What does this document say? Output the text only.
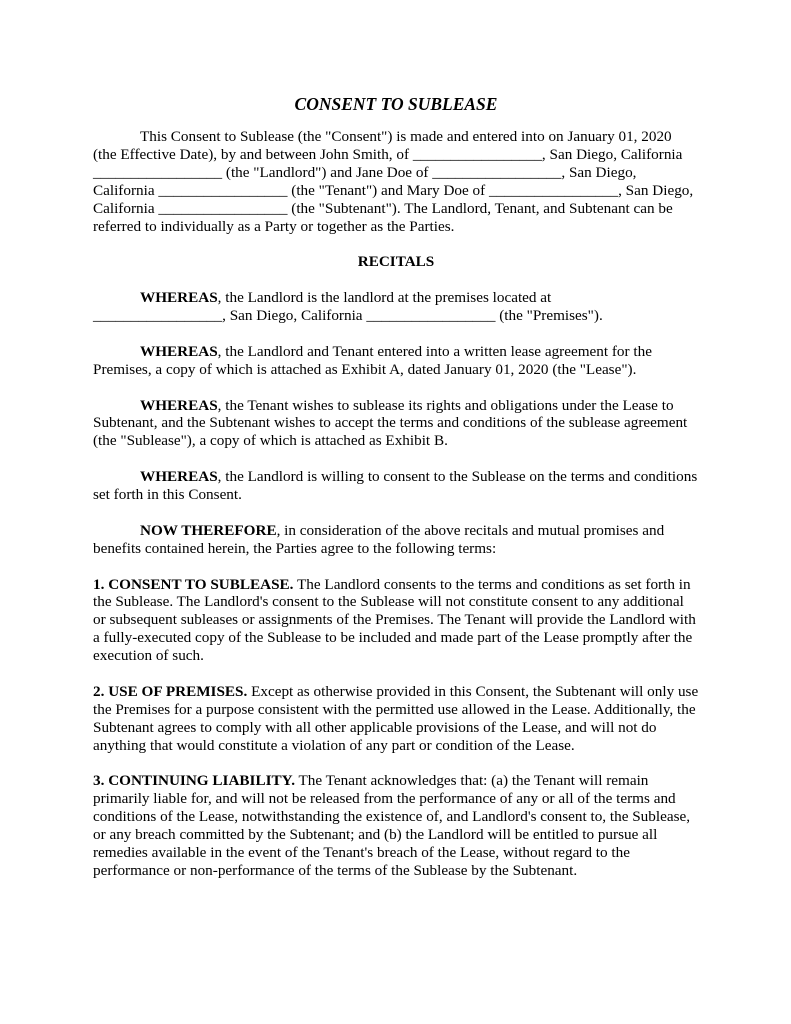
CONSENT TO SUBLEASE

This Consent to Sublease (the "Consent") is made and entered into on January 01, 2020 (the Effective Date), by and between John Smith, of _________________, San Diego, California _________________ (the "Landlord") and Jane Doe of _________________, San Diego, California _________________ (the "Tenant") and Mary Doe of _________________, San Diego, California _________________ (the "Subtenant"). The Landlord, Tenant, and Subtenant can be referred to individually as a Party or together as the Parties.

RECITALS

WHEREAS, the Landlord is the landlord at the premises located at

_________________, San Diego, California _________________ (the "Premises").

WHEREAS, the Landlord and Tenant entered into a written lease agreement for the Premises, a copy of which is attached as Exhibit A, dated January 01, 2020 (the "Lease").

WHEREAS, the Tenant wishes to sublease its rights and obligations under the Lease to Subtenant, and the Subtenant wishes to accept the terms and conditions of the sublease agreement (the "Sublease"), a copy of which is attached as Exhibit B.

WHEREAS, the Landlord is willing to consent to the Sublease on the terms and conditions set forth in this Consent.

NOW THEREFORE, in consideration of the above recitals and mutual promises and benefits contained herein, the Parties agree to the following terms:

1. CONSENT TO SUBLEASE. The Landlord consents to the terms and conditions as set forth in the Sublease. The Landlord's consent to the Sublease will not constitute consent to any additional or subsequent subleases or assignments of the Premises. The Tenant will provide the Landlord with a fully-executed copy of the Sublease to be included and made part of the Lease promptly after the execution of such.

2. USE OF PREMISES. Except as otherwise provided in this Consent, the Subtenant will only use the Premises for a purpose consistent with the permitted use allowed in the Lease. Additionally, the Subtenant agrees to comply with all other applicable provisions of the Lease, and will not do anything that would constitute a violation of any part or condition of the Lease.

3. CONTINUING LIABILITY. The Tenant acknowledges that: (a) the Tenant will remain primarily liable for, and will not be released from the performance of any or all of the terms and conditions of the Lease, notwithstanding the existence of, and Landlord's consent to, the Sublease, or any breach committed by the Subtenant; and (b) the Landlord will be entitled to pursue all remedies available in the event of the Tenant's breach of the Lease, without regard to the performance or non-performance of the terms of the Sublease by the Subtenant.
